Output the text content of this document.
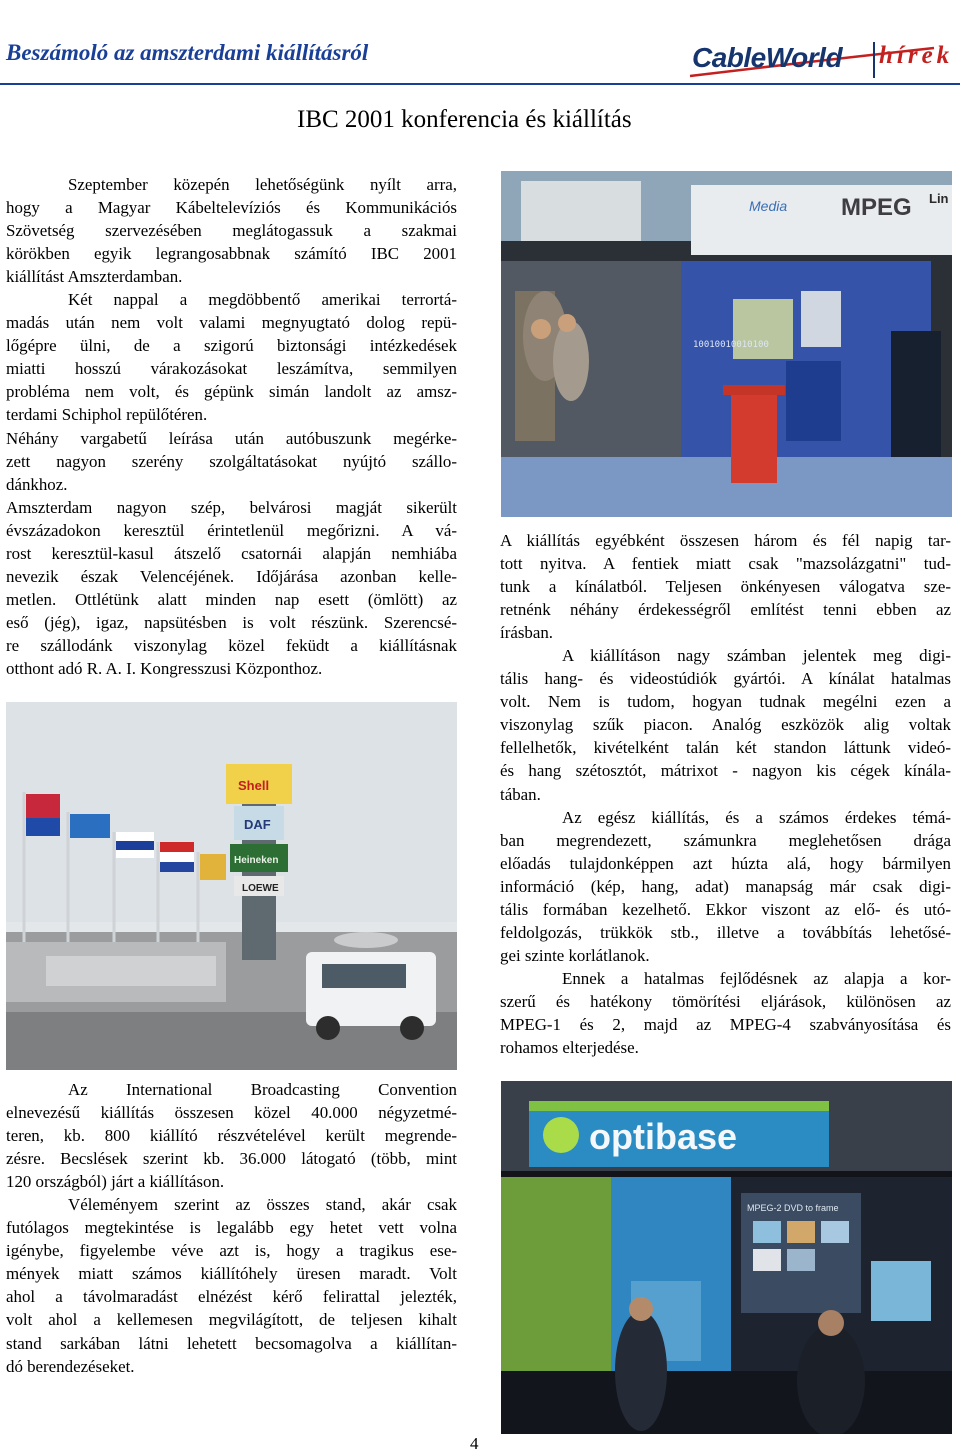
Beszámoló az amszterdami kiállításról	CableWorld hírek
IBC 2001 konferencia és kiállítás
Szeptember közepén lehetőségünk nyílt arra,
hogy a Magyar Kábeltelevíziós és Kommunikációs
Szövetség szervezésében meglátogassuk a szakmai
körökben egyik legrangosabbnak számító IBC 2001
kiállítást Amszterdamban.
Két nappal a megdöbbentő amerikai terrortá-
madás után nem volt valami megnyugtató dolog repü-
lőgépre ülni, de a szigorú biztonsági intézkedések
miatti hosszú várakozásokat leszámítva, semmilyen
probléma nem volt, és gépünk simán landolt az amsz-
terdami Schiphol repülőtéren.
Néhány vargabetű leírása után autóbuszunk megérke-
zett nagyon szerény szolgáltatásokat nyújtó szállo-
dánkhoz.
Amszterdam nagyon szép, belvárosi magját sikerült
évszázadokon keresztül érintetlenül megőrizni. A vá-
rost keresztül-kasul átszelő csatornái alapján nemhiába
nevezik észak Velencéjének. Időjárása azonban kelle-
metlen. Ottlétünk alatt minden nap esett (ömlött) az
eső (jég), igaz, napsütésben is volt részünk. Szerencsé-
re szállodánk viszonylag közel feküdt a kiállításnak
otthont adó R. A. I. Kongresszusi Központhoz.
A kiállítás egyébként összesen három és fél napig tar-
tott nyitva. A fentiek miatt csak "mazsolázgatni" tud-
tunk a kínálatból. Teljesen önkényesen válogatva sze-
retnénk néhány érdekességről említést tenni ebben az
írásban.
A kiállításon nagy számban jelentek meg digi-
tális hang- és videostúdiók gyártói. A kínálat hatalmas
volt. Nem is tudom, hogyan tudnak megélni ezen a
viszonylag szűk piacon. Analóg eszközök alig voltak
fellelhetők, kivételként talán két standon láttunk videó-
és hang szétosztót, mátrixot - nagyon kis cégek kínála-
tában.
Az egész kiállítás, és a számos érdekes témá-
ban megrendezett, számunkra meglehetősen drága
előadás tulajdonképpen azt húzta alá, hogy bármilyen
információ (kép, hang, adat) manapság már csak digi-
tális formában kezelhető. Ekkor viszont az elő- és utó-
feldolgozás, trükkök stb., illetve a továbbítás lehetősé-
gei szinte korlátlanok.
Ennek a hatalmas fejlődésnek az alapja a kor-
szerű és hatékony tömörítési eljárások, különösen az
MPEG-1 és 2, majd az MPEG-4 szabványosítása és
rohamos elterjedése.
Az International Broadcasting Convention
elnevezésű kiállítás összesen közel 40.000 négyzetmé-
teren, kb. 800 kiállító részvételével került megrende-
zésre. Becslések szerint kb. 36.000 látogató (több, mint
120 országból) járt a kiállításon.
Véleményem szerint az összes stand, akár csak
futólagos megtekintése is legalább egy hetet vett volna
igénybe, figyelembe véve azt is, hogy a tragikus ese-
mények miatt számos kiállítóhely üresen maradt. Volt
ahol a távolmaradást elnézést kérő felirattal jelezték,
volt ahol a kellemesen megvilágított, de teljesen kihalt
stand sarkában látni lehetett becsomagolva a kiállítan-
dó berendezéseket.
Media MPEG Lin
10010010010100
Shell
DAF
Heineken
LOEWE
optibase
MPEG-2 DVD to frame
4
